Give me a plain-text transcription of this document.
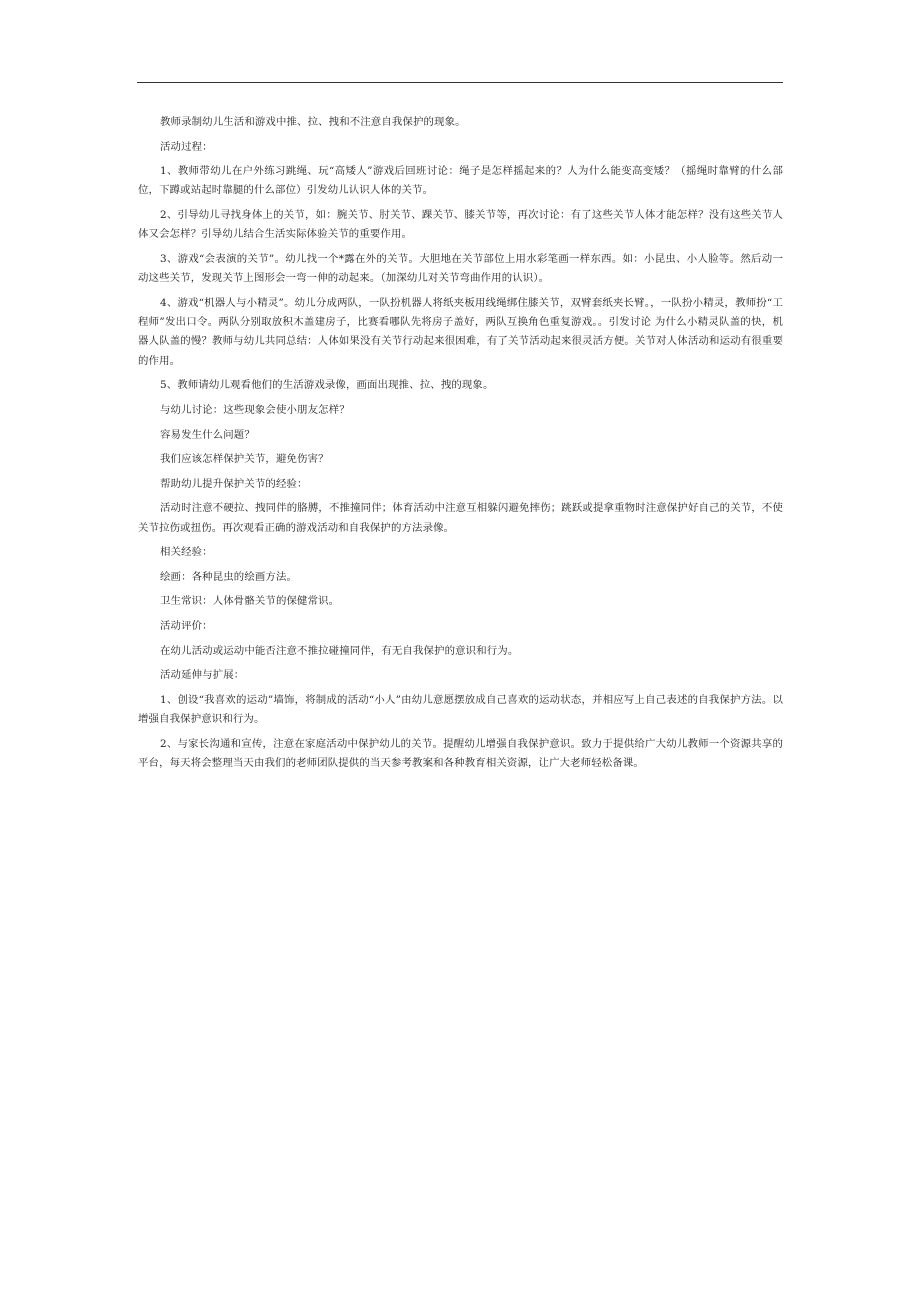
教师录制幼儿生活和游戏中推、拉、拽和不注意自我保护的现象。

活动过程：

1、教师带幼儿在户外练习跳绳、玩“高矮人”游戏后回班讨论：绳子是怎样摇起来的？人为什么能变高变矮？（摇绳时靠臂的什么部位，下蹲或站起时靠腿的什么部位）引发幼儿认识人体的关节。

2、引导幼儿寻找身体上的关节，如：腕关节、肘关节、踝关节、膝关节等，再次讨论：有了这些关节人体才能怎样？没有这些关节人体又会怎样？引导幼儿结合生活实际体验关节的重要作用。

3、游戏“会表演的关节”。幼儿找一个*露在外的关节。大胆地在关节部位上用水彩笔画一样东西。如：小昆虫、小人脸等。然后动一动这些关节，发现关节上图形会一弯一伸的动起来。（加深幼儿对关节弯曲作用的认识）。

4、游戏“机器人与小精灵”。幼儿分成两队，一队扮机器人将纸夹板用线绳绑住膝关节，双臂套纸夹长臂。，一队扮小精灵，教师扮“工程师”发出口令。两队分别取放积木盖建房子，比赛看哪队先将房子盖好，两队互换角色重复游戏。。引发讨论 为什么小精灵队盖的快，机器人队盖的慢？教师与幼儿共同总结：人体如果没有关节行动起来很困难，有了关节活动起来很灵活方便。关节对人体活动和运动有很重要的作用。

5、教师请幼儿观看他们的生活游戏录像，画面出现推、拉、拽的现象。

与幼儿讨论：这些现象会使小朋友怎样？

容易发生什么问题？

我们应该怎样保护关节，避免伤害？

帮助幼儿提升保护关节的经验：

活动时注意不硬拉、拽同伴的胳膊，不推撞同伴；体育活动中注意互相躲闪避免摔伤；跳跃或提拿重物时注意保护好自己的关节，不使关节拉伤或扭伤。再次观看正确的游戏活动和自我保护的方法录像。

相关经验：

绘画：各种昆虫的绘画方法。

卫生常识：人体骨骼关节的保健常识。

活动评价：

在幼儿活动或运动中能否注意不推拉碰撞同伴，有无自我保护的意识和行为。

活动延伸与扩展：

1、创设“我喜欢的运动”墙饰，将制成的活动“小人”由幼儿意愿摆放成自己喜欢的运动状态，并相应写上自己表述的自我保护方法。以增强自我保护意识和行为。

2、与家长沟通和宣传，注意在家庭活动中保护幼儿的关节。提醒幼儿增强自我保护意识。致力于提供给广大幼儿教师一个资源共享的平台，每天将会整理当天由我们的老师团队提供的当天参考教案和各种教育相关资源，让广大老师轻松备课。
